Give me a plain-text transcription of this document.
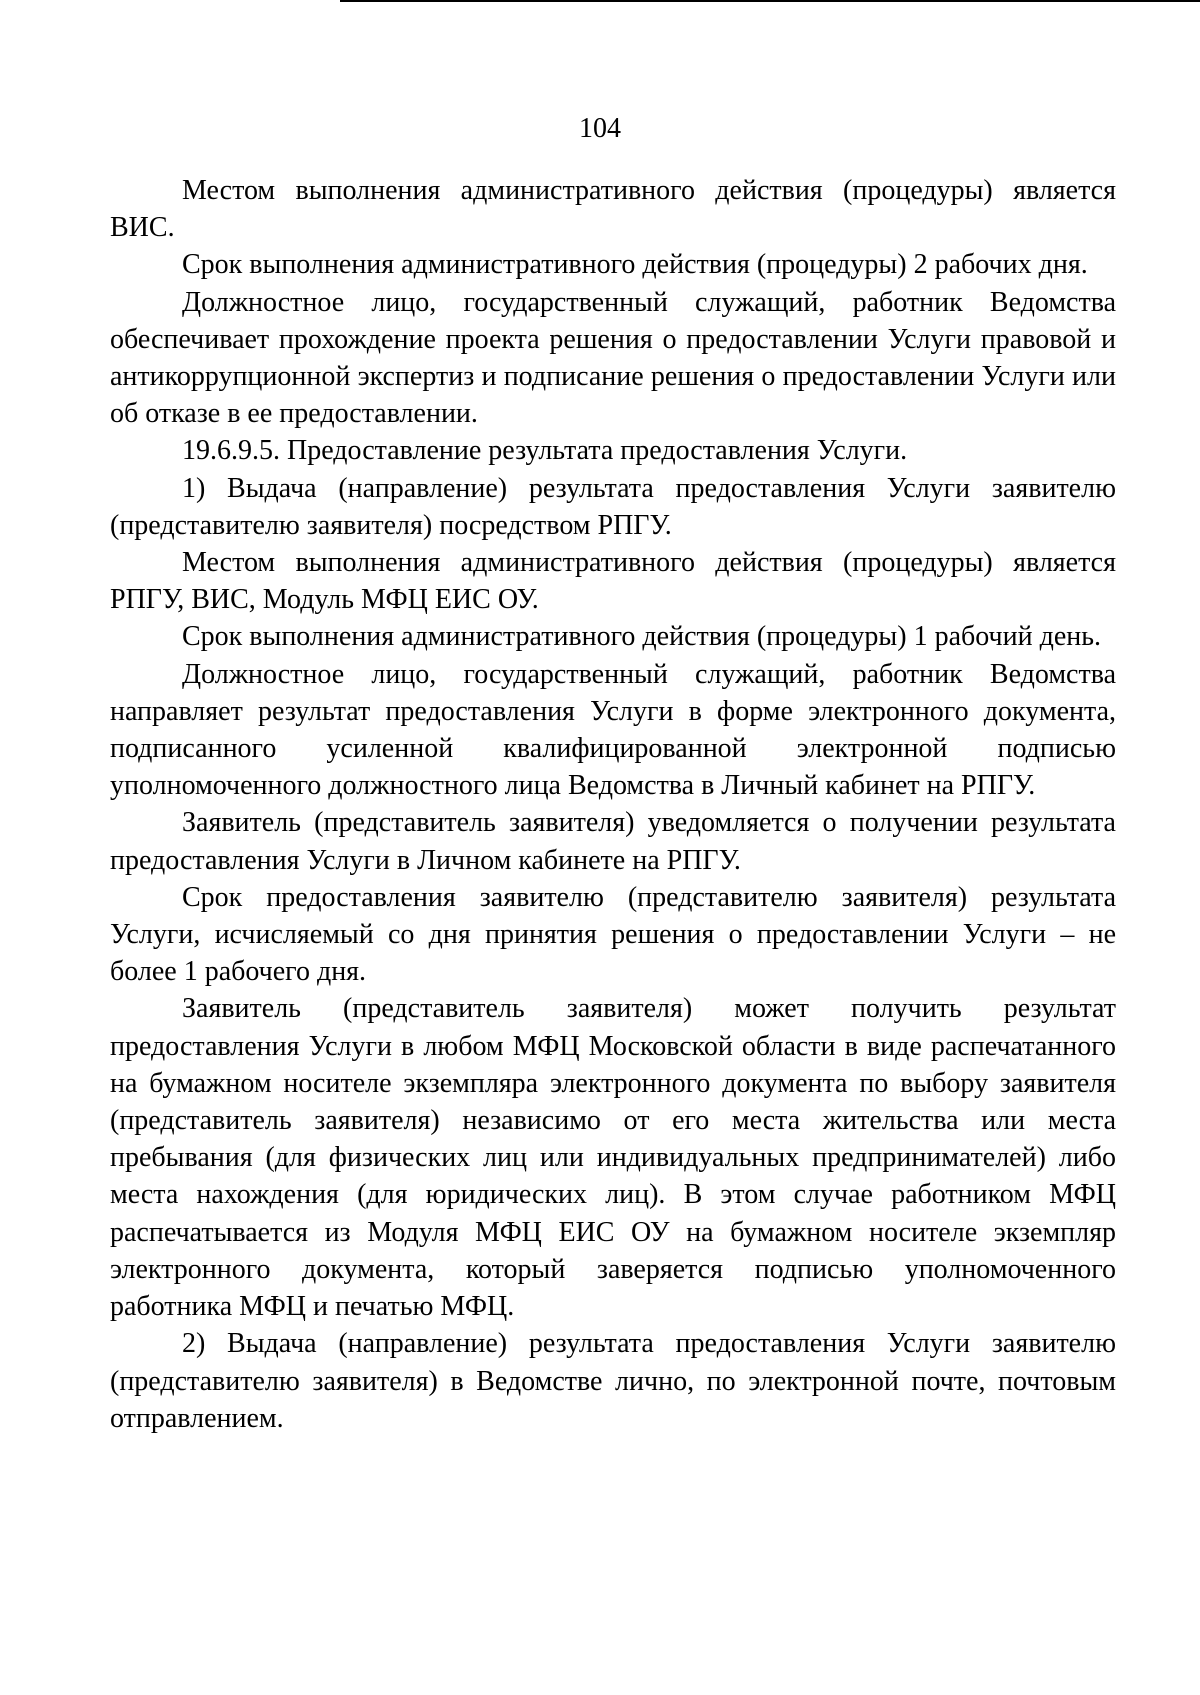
104

Местом выполнения административного действия (процедуры) является ВИС.

Срок выполнения административного действия (процедуры) 2 рабочих дня.

Должностное лицо, государственный служащий, работник Ведомства обеспечивает прохождение проекта решения о предоставлении Услуги правовой и антикоррупционной экспертиз и подписание решения о предоставлении Услуги или об отказе в ее предоставлении.

19.6.9.5. Предоставление результата предоставления Услуги.

1) Выдача (направление) результата предоставления Услуги заявителю (представителю заявителя) посредством РПГУ.

Местом выполнения административного действия (процедуры) является РПГУ, ВИС, Модуль МФЦ ЕИС ОУ.

Срок выполнения административного действия (процедуры) 1 рабочий день.

Должностное лицо, государственный служащий, работник Ведомства направляет результат предоставления Услуги в форме электронного документа, подписанного усиленной квалифицированной электронной подписью уполномоченного должностного лица Ведомства в Личный кабинет на РПГУ.

Заявитель (представитель заявителя) уведомляется о получении результата предоставления Услуги в Личном кабинете на РПГУ.

Срок предоставления заявителю (представителю заявителя) результата Услуги, исчисляемый со дня принятия решения о предоставлении Услуги – не более 1 рабочего дня.

Заявитель (представитель заявителя) может получить результат предоставления Услуги в любом МФЦ Московской области в виде распечатанного на бумажном носителе экземпляра электронного документа по выбору заявителя (представитель заявителя) независимо от его места жительства или места пребывания (для физических лиц или индивидуальных предпринимателей) либо места нахождения (для юридических лиц). В этом случае работником МФЦ распечатывается из Модуля МФЦ ЕИС ОУ на бумажном носителе экземпляр электронного документа, который заверяется подписью уполномоченного работника МФЦ и печатью МФЦ.

2) Выдача (направление) результата предоставления Услуги заявителю (представителю заявителя) в Ведомстве лично, по электронной почте, почтовым отправлением.
